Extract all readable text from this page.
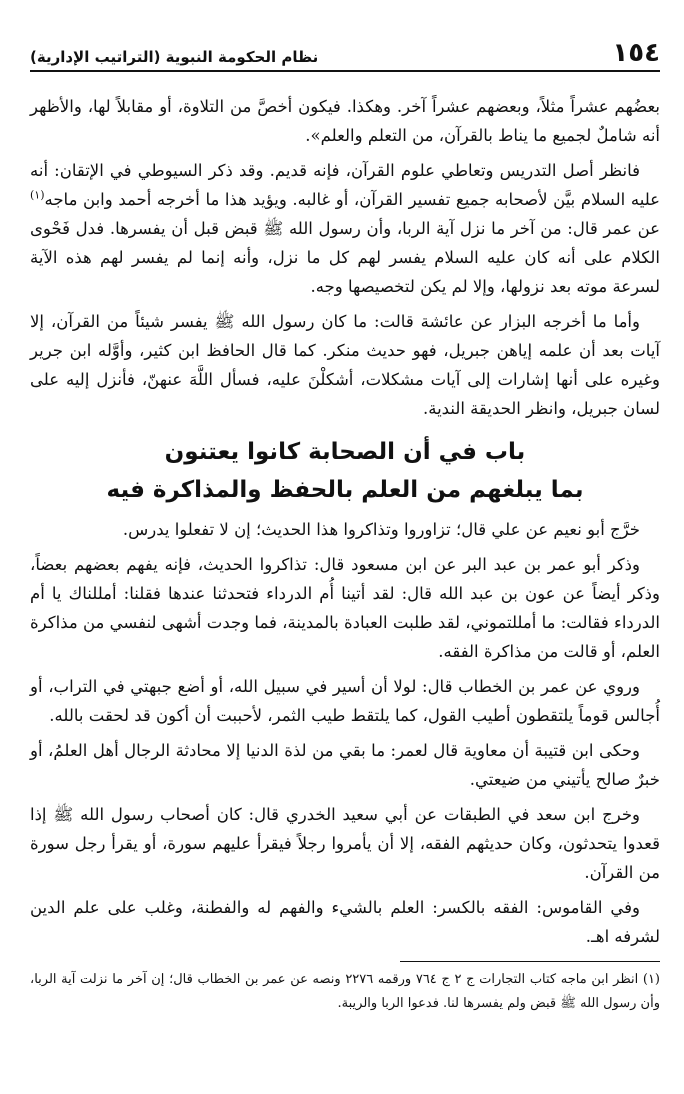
١٥٤
نظام الحكومة النبوية (التراتيب الإدارية)

بعضُهم عشراً مثلاً، وبعضهم عشراً آخر. وهكذا. فيكون أخصَّ من التلاوة، أو مقابلاً لها، والأظهر أنه شاملٌ لجميع ما يناط بالقرآن، من التعلم والعلم».

فانظر أصل التدريس وتعاطي علوم القرآن، فإنه قديم. وقد ذكر السيوطي في الإتقان: أنه عليه السلام بيَّن لأصحابه جميع تفسير القرآن، أو غالبه. ويؤيد هذا ما أخرجه أحمد وابن ماجه$^{(١)}$ عن عمر قال: من آخر ما نزل آية الربا، وأن رسول الله ﷺ قبض قبل أن يفسرها. فدل فَحْوى الكلام على أنه كان عليه السلام يفسر لهم كل ما نزل، وأنه إنما لم يفسر لهم هذه الآية لسرعة موته بعد نزولها، وإلا لم يكن لتخصيصها وجه.

وأما ما أخرجه البزار عن عائشة قالت: ما كان رسول الله ﷺ يفسر شيئاً من القرآن، إلا آيات بعد أن علمه إياهن جبريل، فهو حديث منكر. كما قال الحافظ ابن كثير، وأوَّله ابن جرير وغيره على أنها إشارات إلى آيات مشكلات، أشكلْنَ عليه، فسأل اللَّهَ عنهنّ، فأنزل إليه على لسان جبريل، وانظر الحديقة الندية.

باب في أن الصحابة كانوا يعتنون
بما يبلغهم من العلم بالحفظ والمذاكرة فيه

خرَّج أبو نعيم عن علي قال؛ تزاوروا وتذاكروا هذا الحديث؛ إن لا تفعلوا يدرس.

وذكر أبو عمر بن عبد البر عن ابن مسعود قال: تذاكروا الحديث، فإنه يفهم بعضهم بعضاً، وذكر أيضاً عن عون بن عبد الله قال: لقد أتينا أُم الدرداء فتحدثنا عندها فقلنا: أمللناك يا أم الدرداء فقالت: ما أمللتموني، لقد طلبت العبادة بالمدينة، فما وجدت أشهى لنفسي من مذاكرة العلم، أو قالت من مذاكرة الفقه.

وروي عن عمر بن الخطاب قال: لولا أن أسير في سبيل الله، أو أضع جبهتي في التراب، أو أُجالس قوماً يلتقطون أطيب القول، كما يلتقط طيب الثمر، لأحببت أن أكون قد لحقت بالله.

وحكى ابن قتيبة أن معاوية قال لعمر: ما بقي من لذة الدنيا إلا محادثة الرجال أهل العلمُ، أو خبرٌ صالح يأتيني من ضيعتي.

وخرج ابن سعد في الطبقات عن أبي سعيد الخدري قال: كان أصحاب رسول الله ﷺ إذا قعدوا يتحدثون، وكان حديثهم الفقه، إلا أن يأمروا رجلاً فيقرأ عليهم سورة، أو يقرأ رجل سورة من القرآن.

وفي القاموس: الفقه بالكسر: العلم بالشيء والفهم له والفطنة، وغلب على علم الدين لشرفه اهـ.

(١) انظر ابن ماجه كتاب التجارات ج ٢ ج ٧٦٤ ورقمه ٢٢٧٦ ونصه عن عمر بن الخطاب قال؛ إن آخر ما نزلت آية الربا، وأن رسول الله ﷺ قبض ولم يفسرها لنا. فدعوا الربا والريبة.
